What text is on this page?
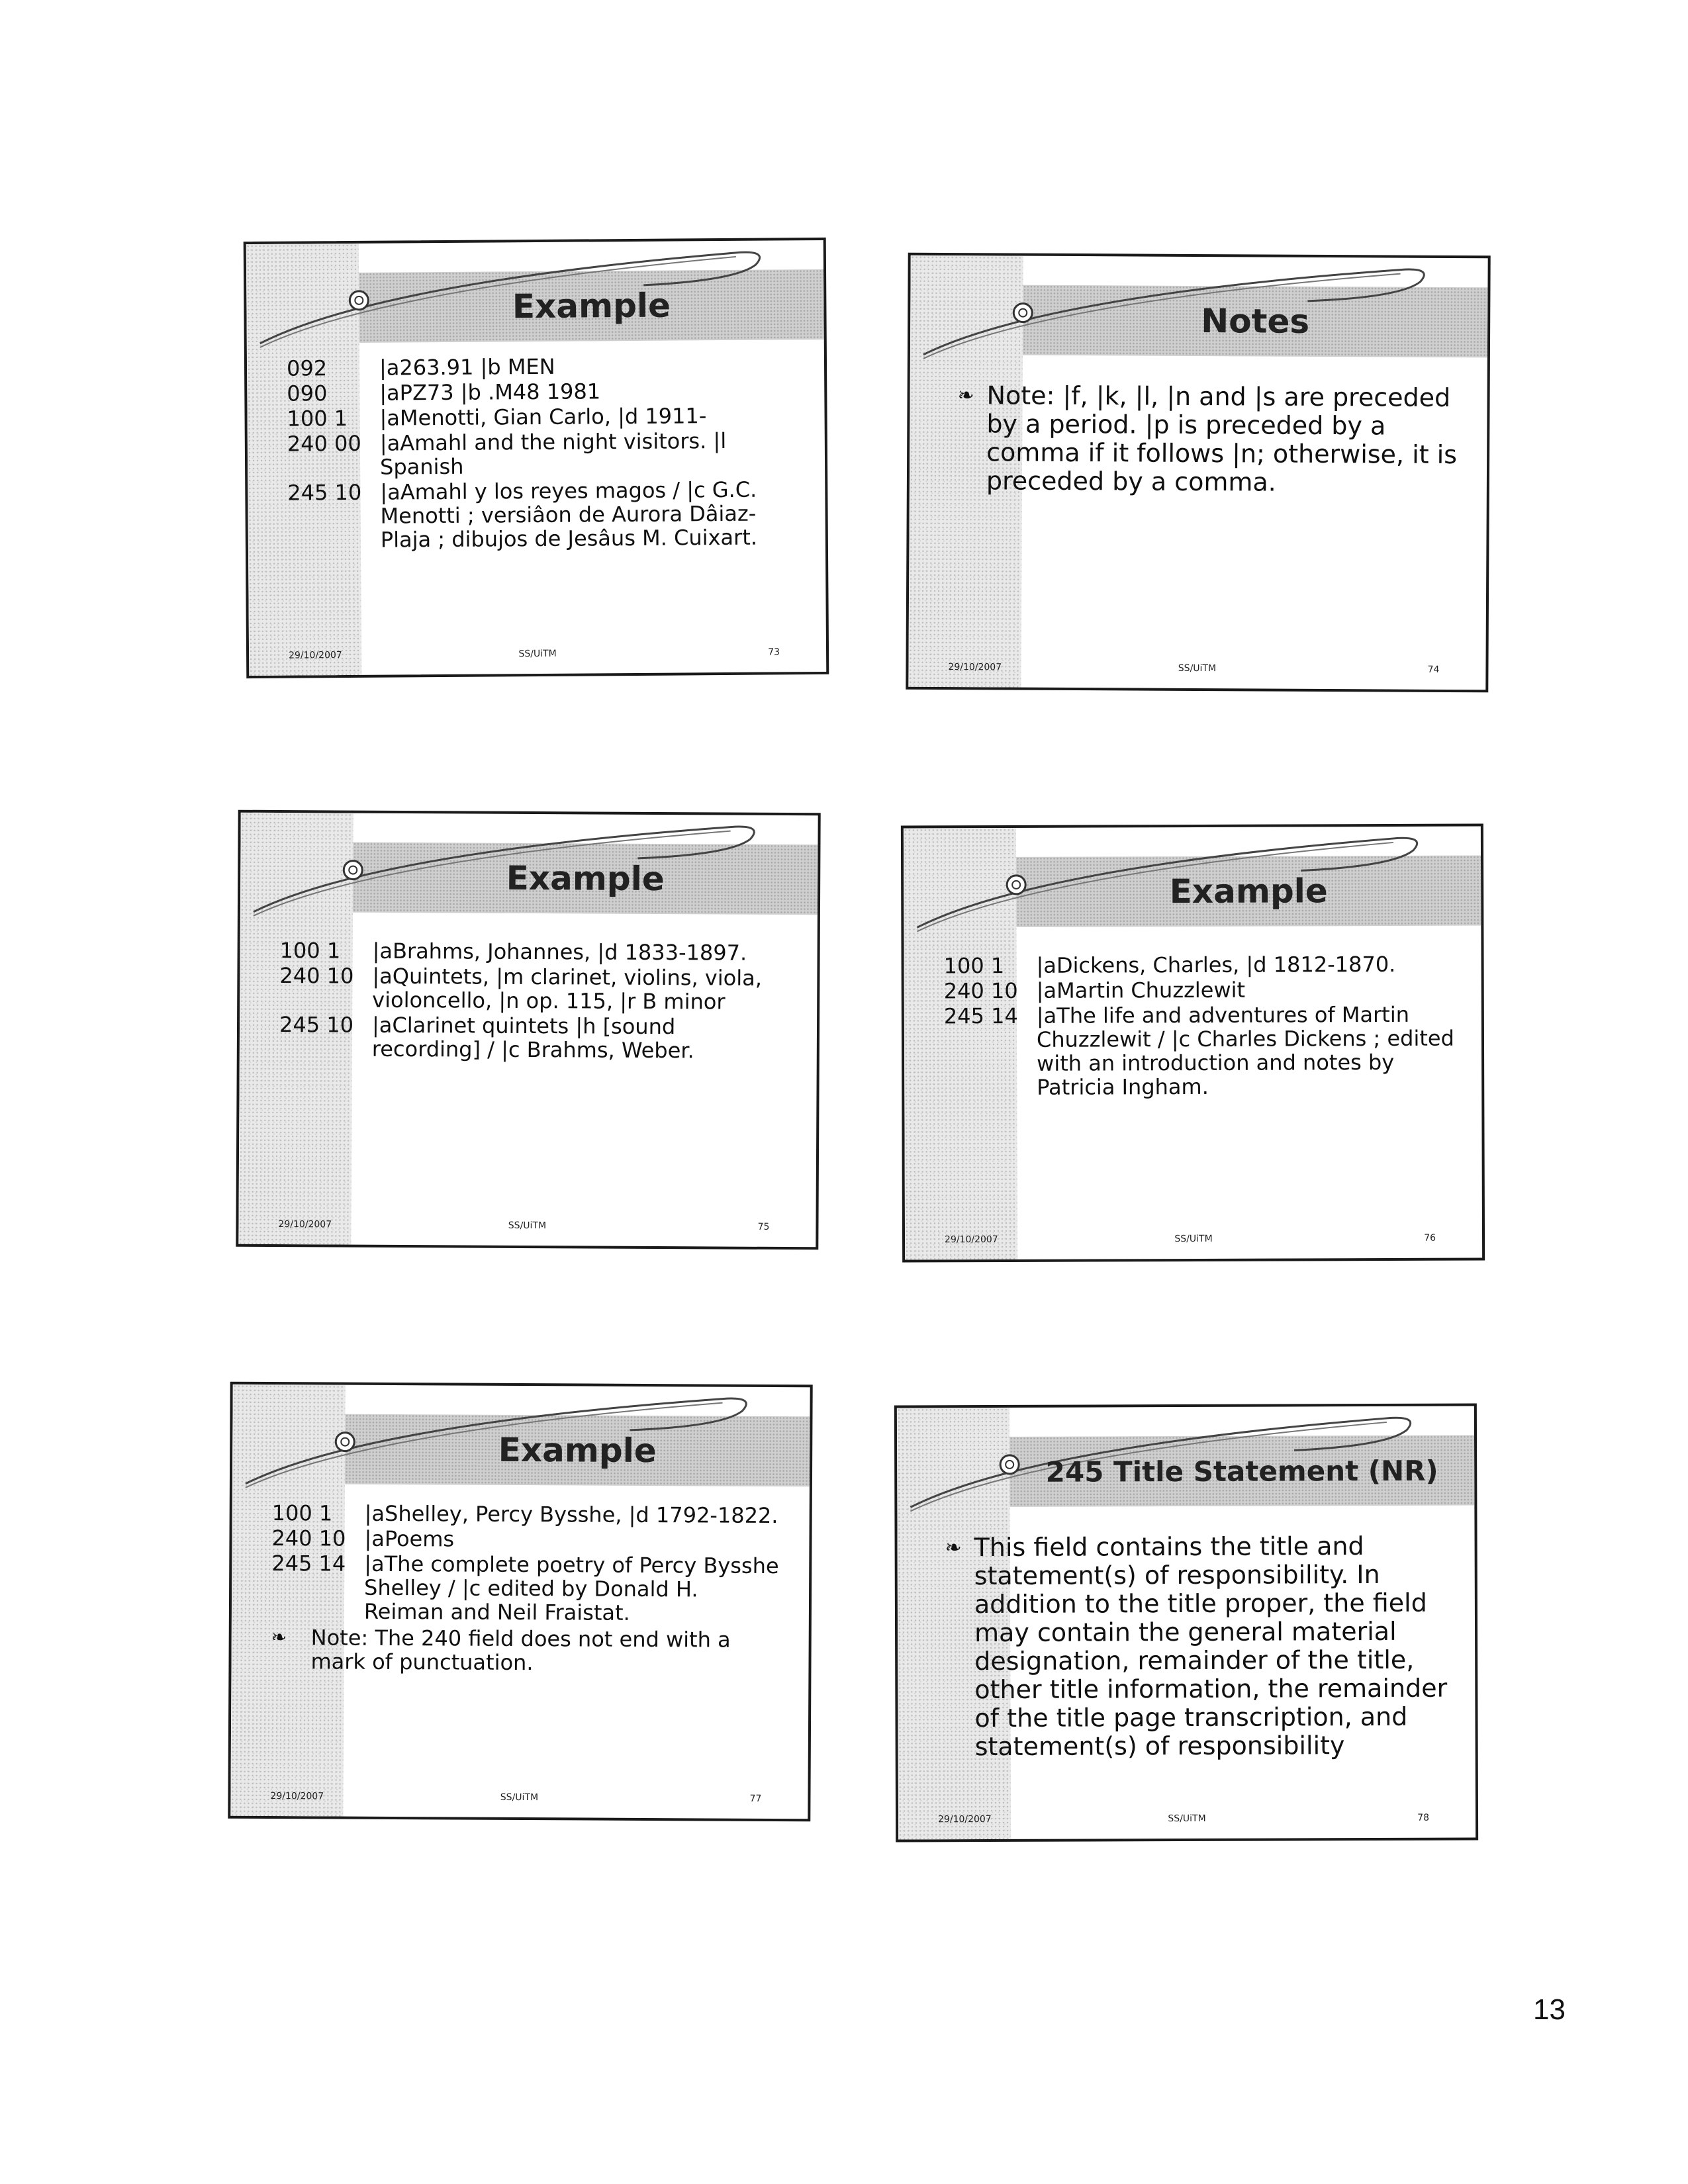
Example
092	|a263.91 |b MEN
090	|aPZ73 |b .M48 1981
100 1	|aMenotti, Gian Carlo, |d 1911-
240 00 |aAmahl and the night visitors. |l Spanish
245 10 |aAmahl y los reyes magos / |c G.C. Menotti ; versiâon de Aurora Dâiaz-Plaja ; dibujos de Jesâus M. Cuixart.
29/10/2007	SS/UiTM	73
Notes
❧ Note: |f, |k, |l, |n and |s are preceded by a period. |p is preceded by a comma if it follows |n; otherwise, it is preceded by a comma.
29/10/2007	SS/UiTM	74
Example
100 1	|aBrahms, Johannes, |d 1833-1897.
240 10 |aQuintets, |m clarinet, violins, viola, violoncello, |n op. 115, |r B minor
245 10 |aClarinet quintets |h [sound recording] / |c Brahms, Weber.
29/10/2007	SS/UiTM	75
Example
100 1	|aDickens, Charles, |d 1812-1870.
240 10 |aMartin Chuzzlewit
245 14 |aThe life and adventures of Martin Chuzzlewit / |c Charles Dickens ; edited with an introduction and notes by Patricia Ingham.
29/10/2007	SS/UiTM	76
Example
100 1	|aShelley, Percy Bysshe, |d 1792-1822.
240 10 |aPoems
245 14 |aThe complete poetry of Percy Bysshe Shelley / |c edited by Donald H. Reiman and Neil Fraistat.
❧ Note: The 240 field does not end with a mark of punctuation.
29/10/2007	SS/UiTM	77
245 Title Statement (NR)
❧ This field contains the title and statement(s) of responsibility. In addition to the title proper, the field may contain the general material designation, remainder of the title, other title information, the remainder of the title page transcription, and statement(s) of responsibility
29/10/2007	SS/UiTM	78
13
